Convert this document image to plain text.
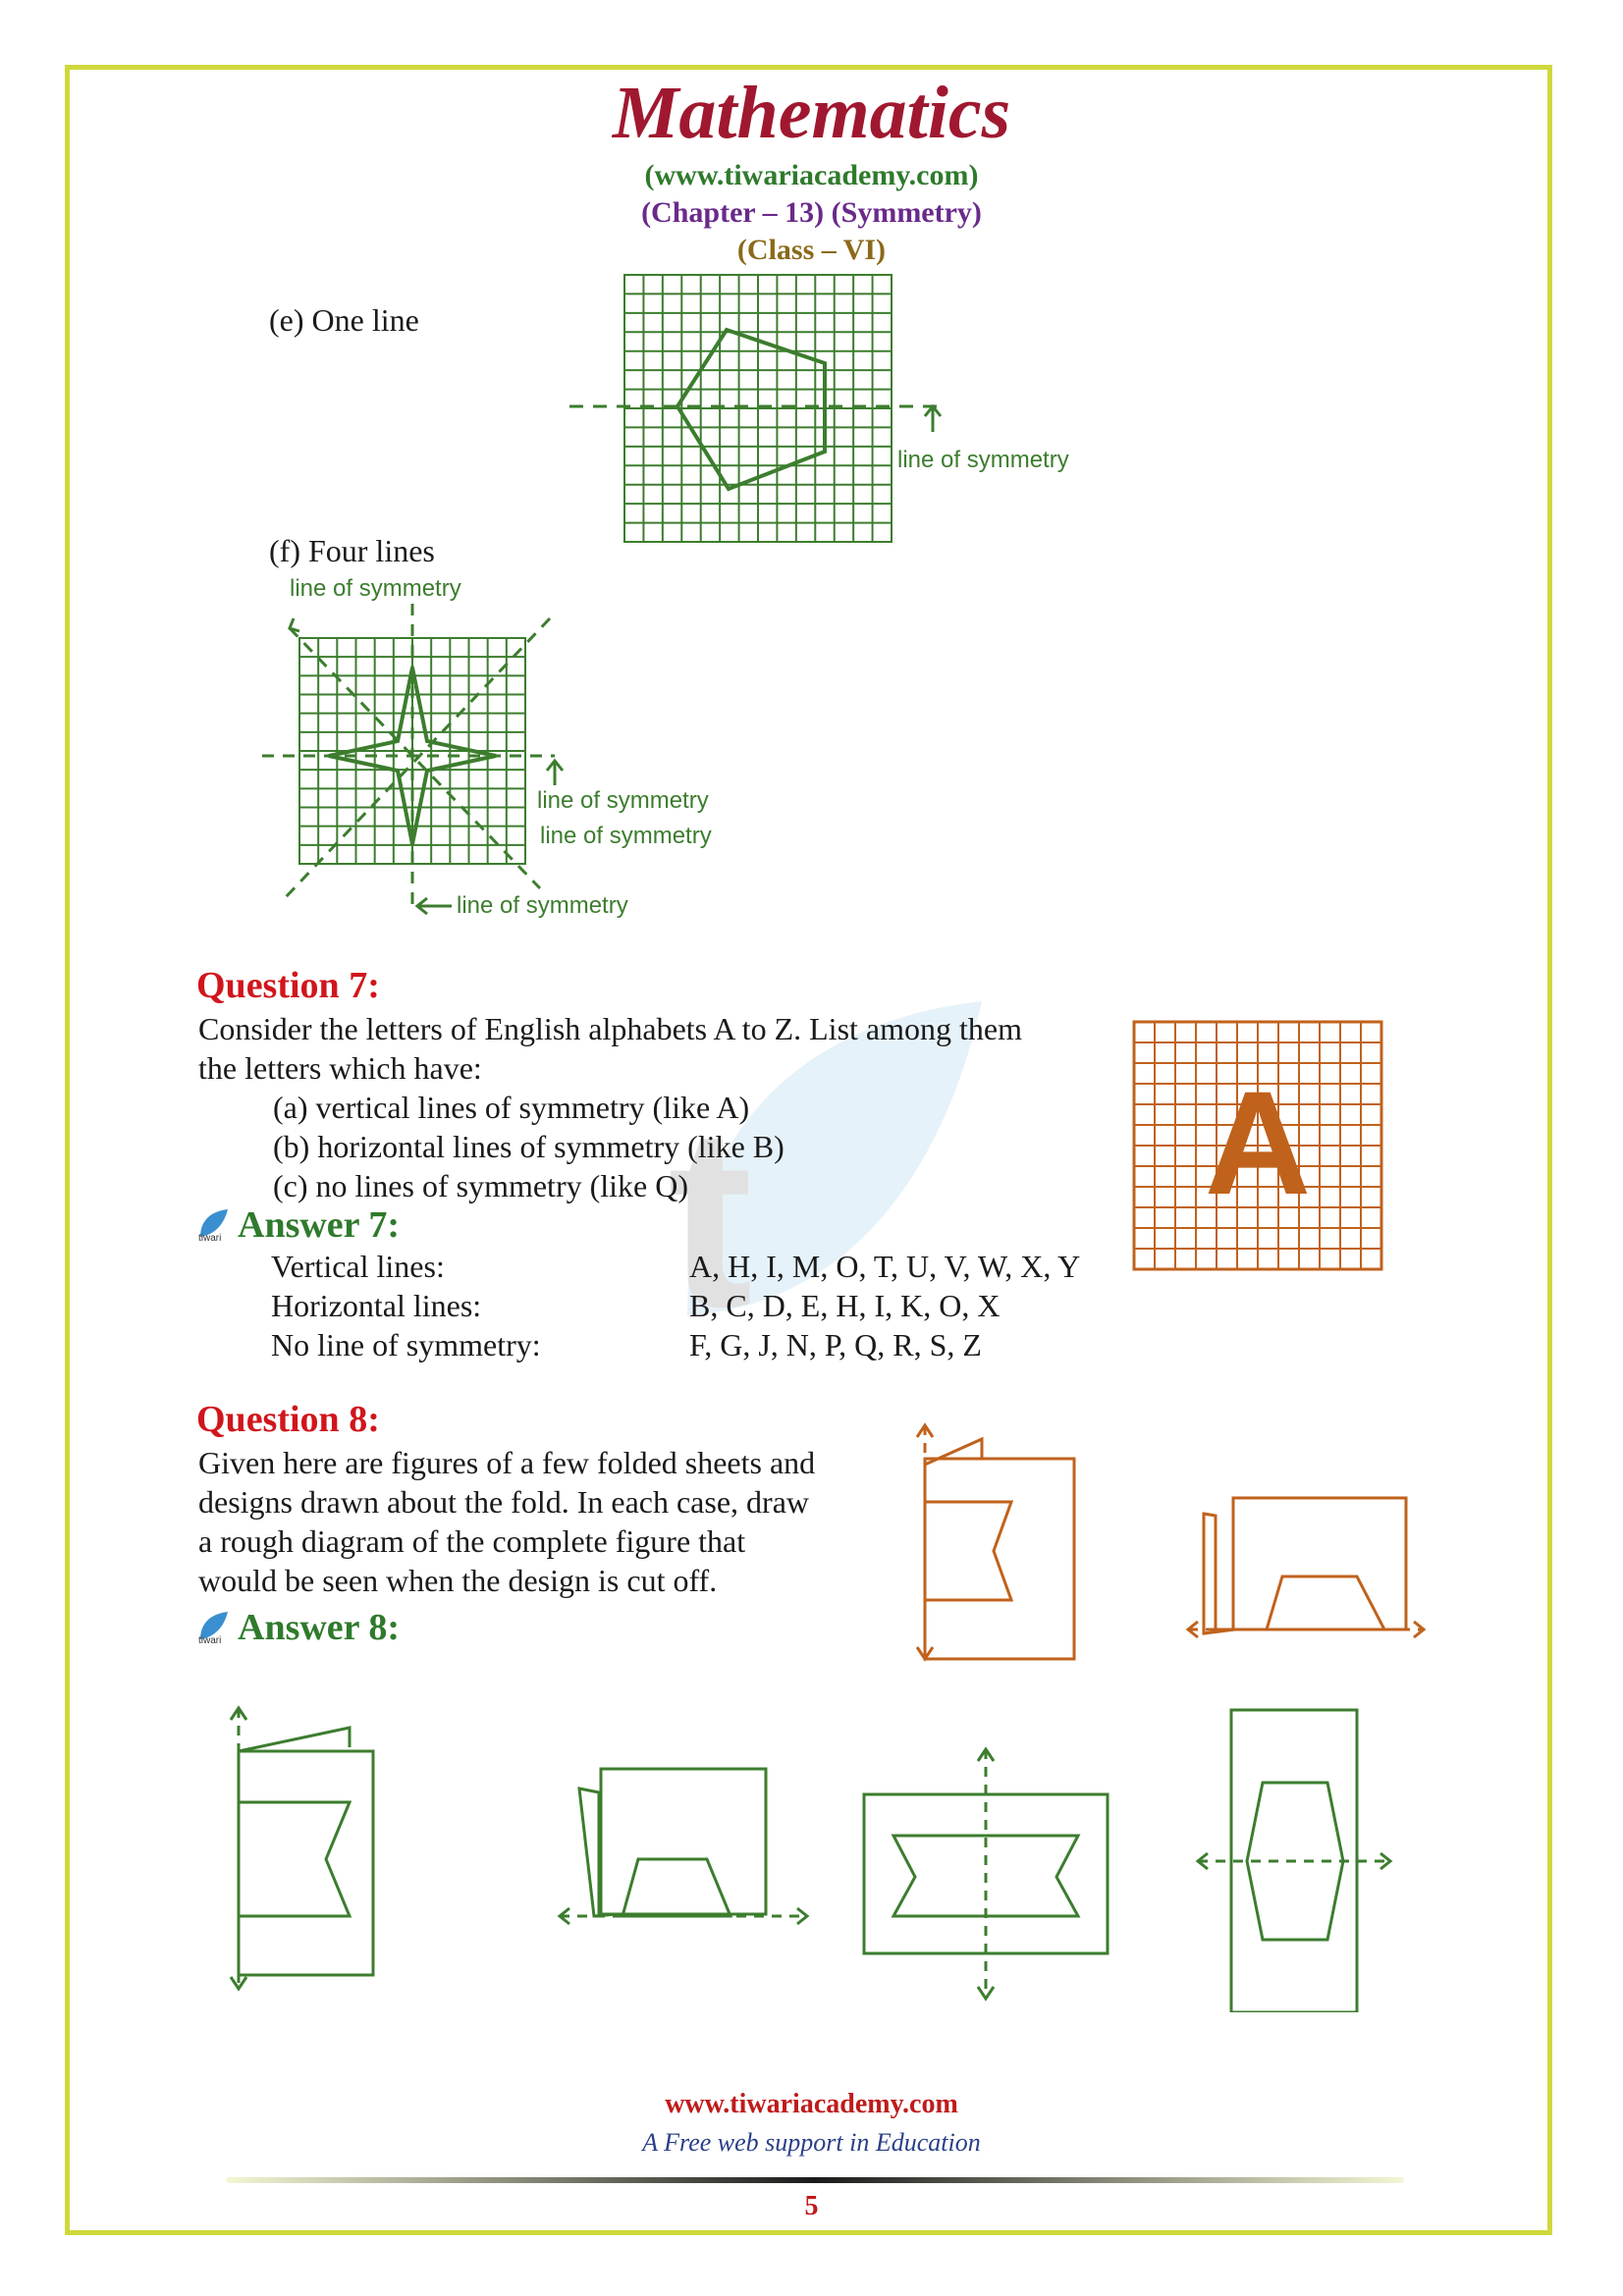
Mathematics
(www.tiwariacademy.com)
(Chapter – 13) (Symmetry)
(Class – VI)
(e) One line
line of symmetry
(f) Four lines
line of symmetry
line of symmetry
line of symmetry
line of symmetry
t
Question 7:
Consider the letters of English alphabets A to Z. List among them
the letters which have:
(a) vertical lines of symmetry (like A)
(b) horizontal lines of symmetry (like B)
(c) no lines of symmetry (like Q)	A
tiwari Answer 7:
Vertical lines:	A, H, I, M, O, T, U, V, W, X, Y
Horizontal lines:	B, C, D, E, H, I, K, O, X
No line of symmetry:	F, G, J, N, P, Q, R, S, Z
Question 8:
Given here are figures of a few folded sheets and
designs drawn about the fold. In each case, draw
a rough diagram of the complete figure that
would be seen when the design is cut off.
tiwari Answer 8:
www.tiwariacademy.com
A Free web support in Education
5
